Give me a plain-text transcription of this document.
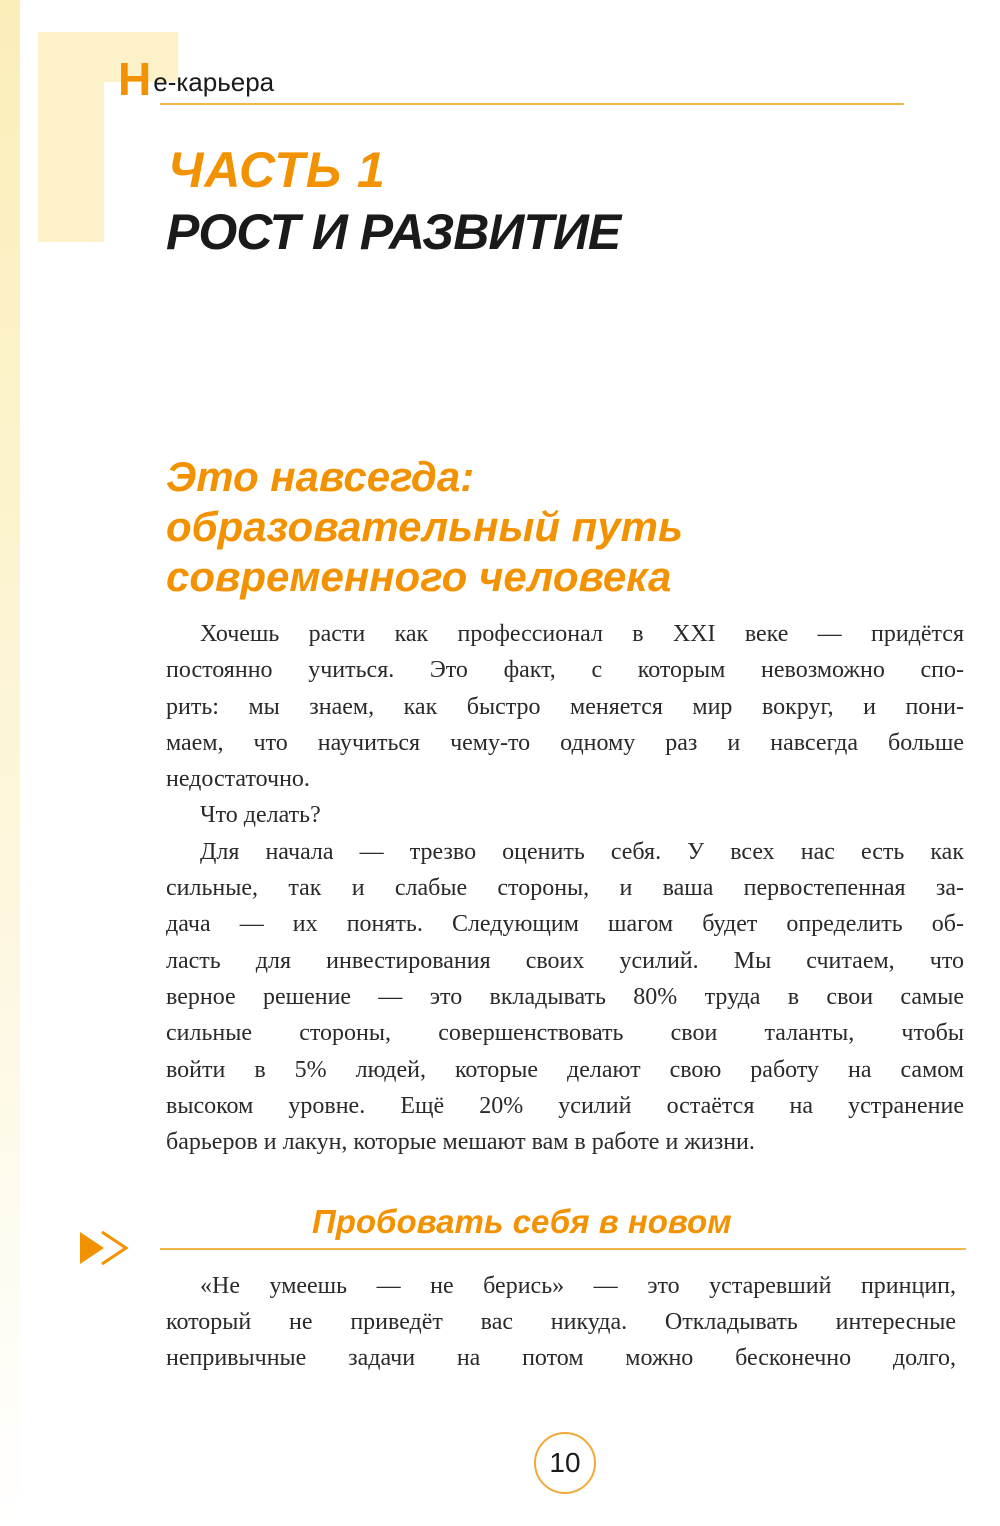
Не-карьера
ЧАСТЬ 1
РОСТ И РАЗВИТИЕ
Это навсегда:
образовательный путь
современного человека

Хочешь расти как профессионал в XXI веке — придётся
постоянно учиться. Это факт, с которым невозможно спо-
рить: мы знаем, как быстро меняется мир вокруг, и пони-
маем, что научиться чему-то одному раз и навсегда больше
недостаточно.

Что делать?

Для начала — трезво оценить себя. У всех нас есть как
сильные, так и слабые стороны, и ваша первостепенная за-
дача — их понять. Следующим шагом будет определить об-
ласть для инвестирования своих усилий. Мы считаем, что
верное решение — это вкладывать 80% труда в свои самые
сильные стороны, совершенствовать свои таланты, чтобы
войти в 5% людей, которые делают свою работу на самом
высоком уровне. Ещё 20% усилий остаётся на устранение
барьеров и лакун, которые мешают вам в работе и жизни.

Пробовать себя в новом
«Не умеешь — не берись» — это устаревший принцип,
который не приведёт вас никуда. Откладывать интересные
непривычные задачи на потом можно бесконечно долго,
10
